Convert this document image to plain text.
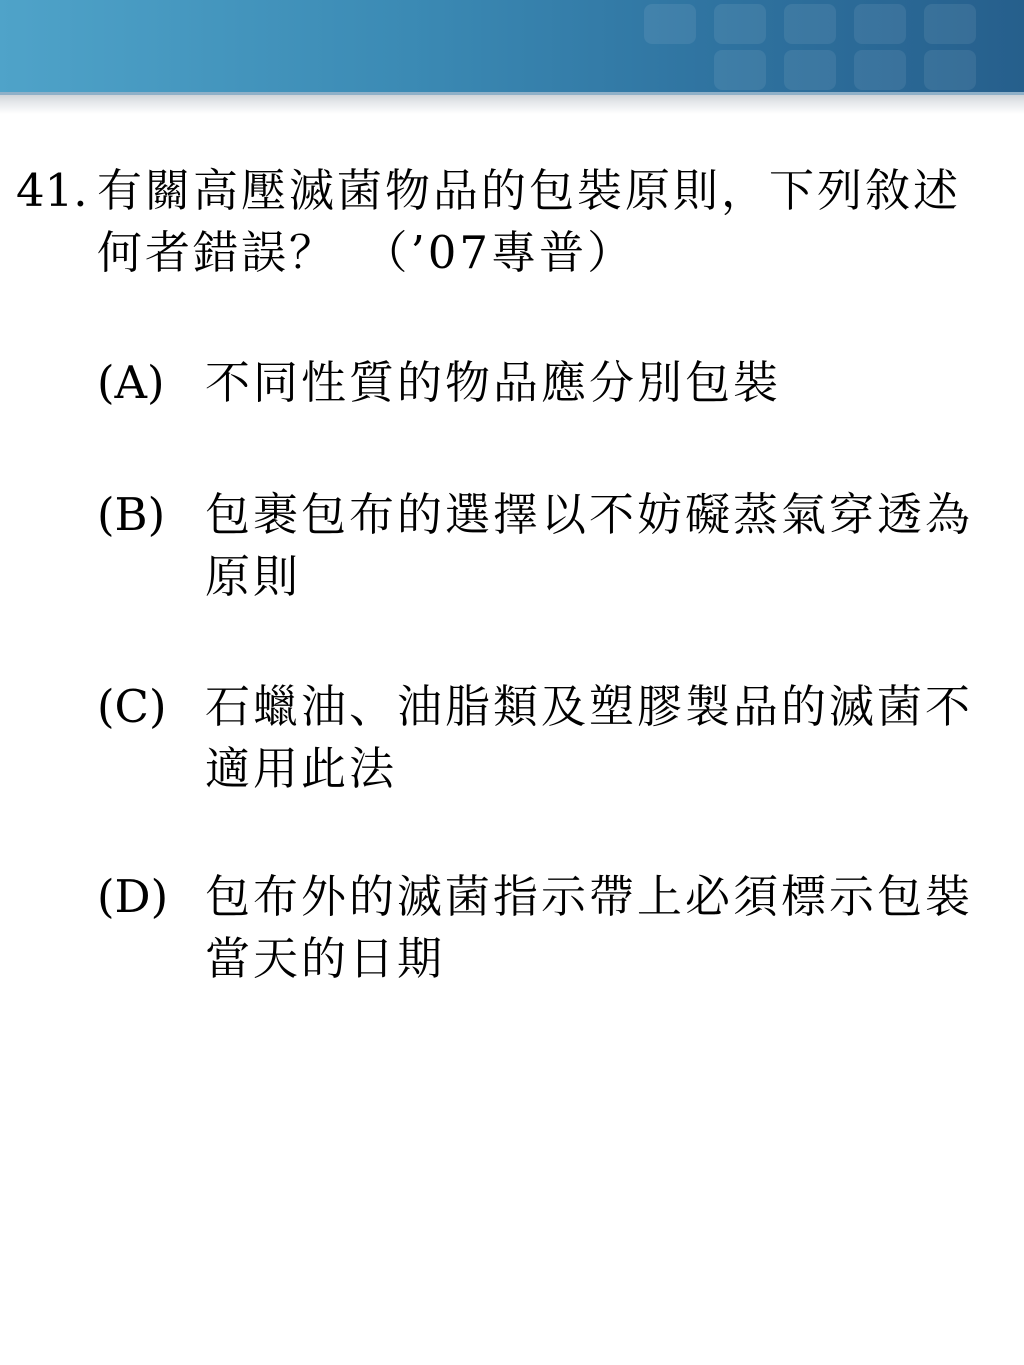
41. 有關高壓滅菌物品的包裝原則，下列敘述何者錯誤？　（’07專普）
(A) 不同性質的物品應分別包裝
(B) 包裹包布的選擇以不妨礙蒸氣穿透為原則
(C) 石蠟油、油脂類及塑膠製品的滅菌不適用此法
(D) 包布外的滅菌指示帶上必須標示包裝當天的日期
